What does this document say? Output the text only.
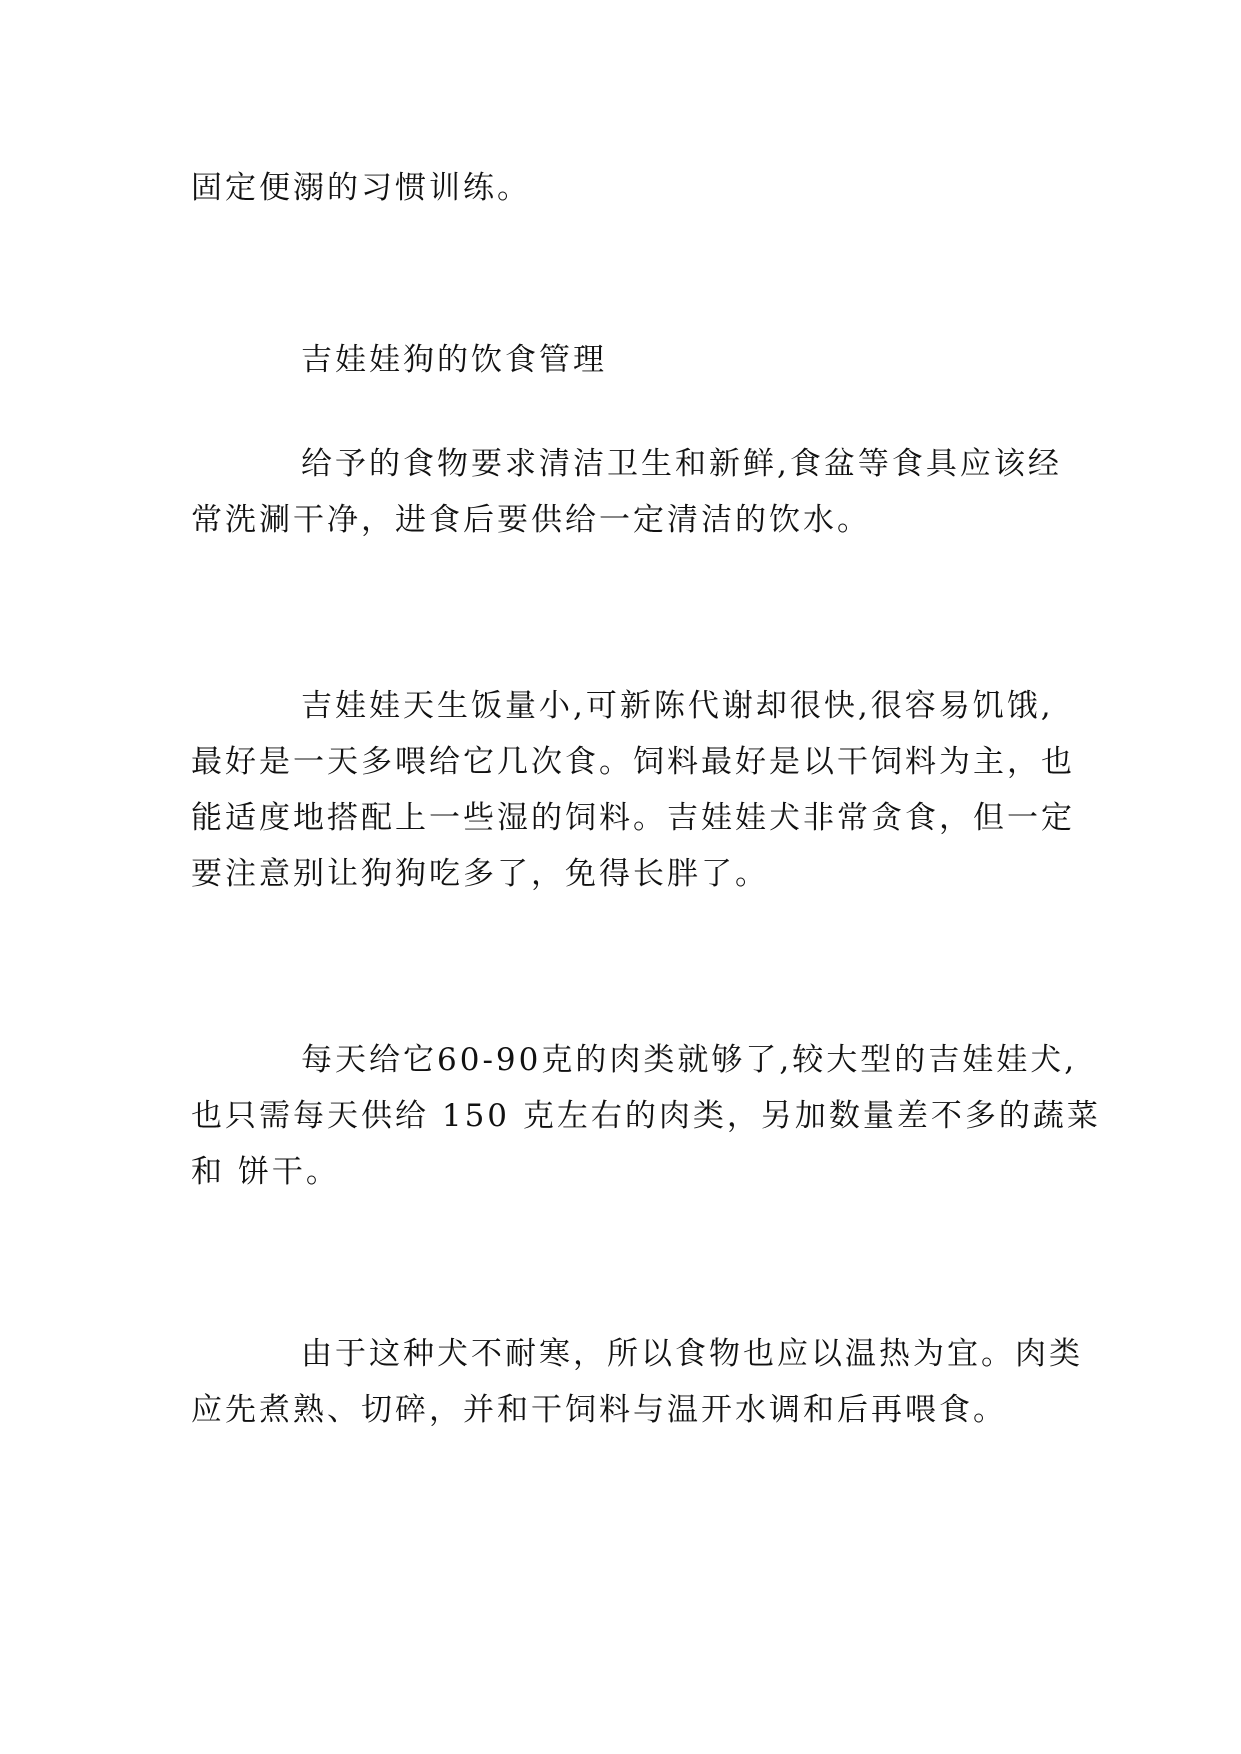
固定便溺的习惯训练。
吉娃娃狗的饮食管理
给予的食物要求清洁卫生和新鲜,食盆等食具应该经
常洗涮干净，进食后要供给一定清洁的饮水。
吉娃娃天生饭量小,可新陈代谢却很快,很容易饥饿,
最好是一天多喂给它几次食。饲料最好是以干饲料为主，也
能适度地搭配上一些湿的饲料。吉娃娃犬非常贪食，但一定
要注意别让狗狗吃多了，免得长胖了。
每天给它60-90克的肉类就够了,较大型的吉娃娃犬,
也只需每天供给 150 克左右的肉类，另加数量差不多的蔬菜
和 饼干。
由于这种犬不耐寒，所以食物也应以温热为宜。肉类
应先煮熟、切碎，并和干饲料与温开水调和后再喂食。
